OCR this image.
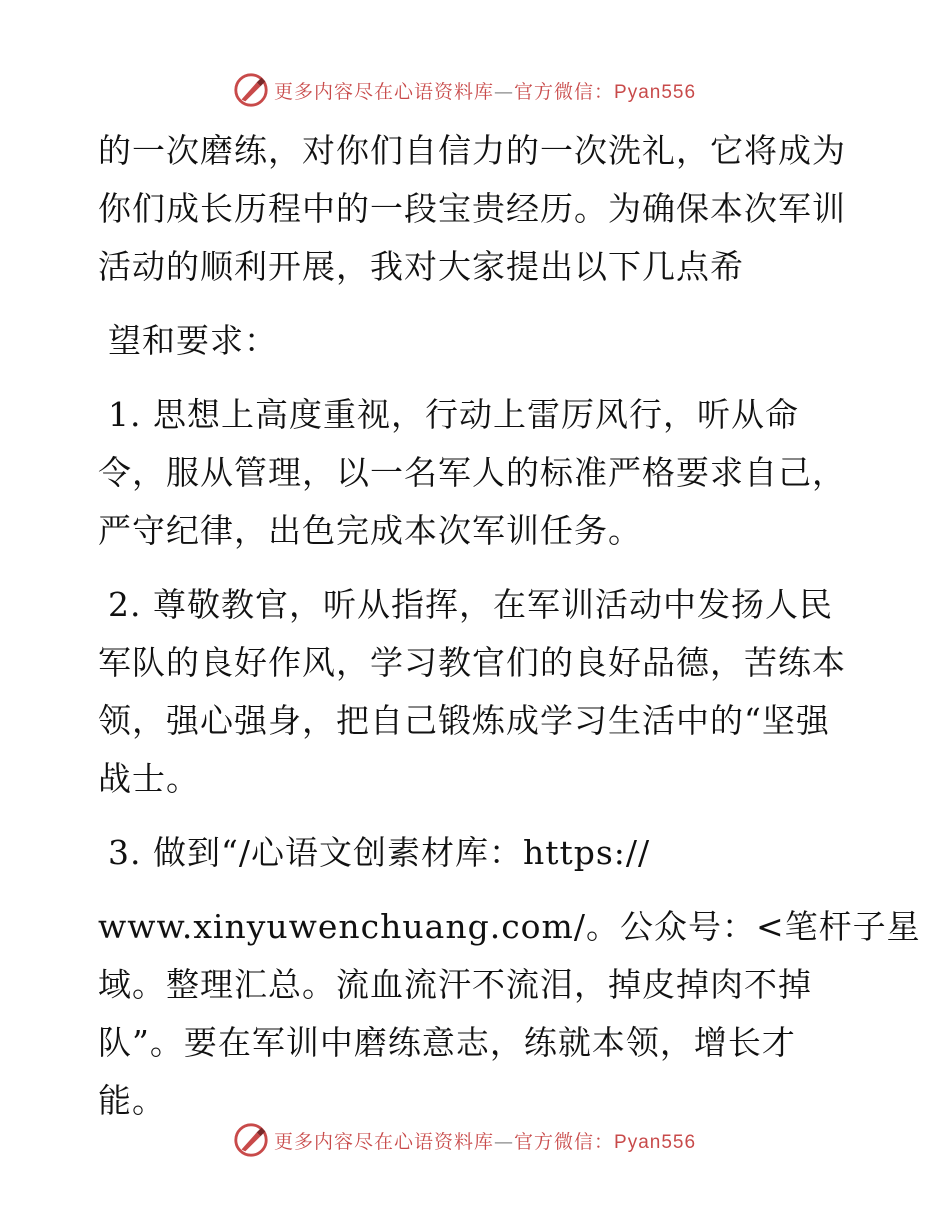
更多内容尽在心语资料库—官方微信：Pyan556

的一次磨练，对你们自信力的一次洗礼，它将成为

你们成长历程中的一段宝贵经历。为确保本次军训

活动的顺利开展，我对大家提出以下几点希

望和要求：

1. 思想上高度重视，行动上雷厉风行，听从命

令，服从管理，以一名军人的标准严格要求自己，

严守纪律，出色完成本次军训任务。

2. 尊敬教官，听从指挥，在军训活动中发扬人民

军队的良好作风，学习教官们的良好品德，苦练本

领，强心强身，把自己锻炼成学习生活中的“坚强

战士。

3. 做到“/心语文创素材库：https://

www.xinyuwenchuang.com/。公众号：<笔杆子星

域。整理汇总。流血流汗不流泪，掉皮掉肉不掉

队”。要在军训中磨练意志，练就本领，增长才

能。

更多内容尽在心语资料库—官方微信：Pyan556
